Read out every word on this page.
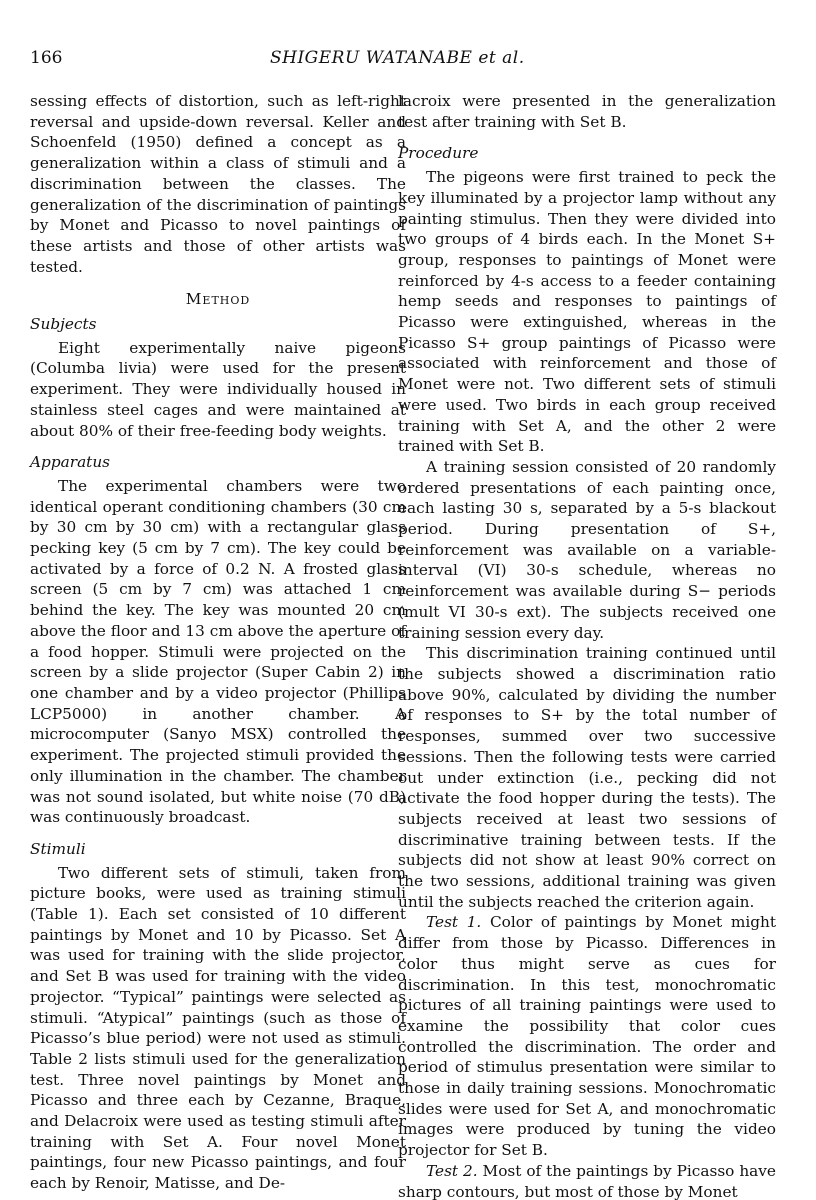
166	SHIGERU WATANABE et al.

sessing effects of distortion, such as left-right reversal and upside-down reversal. Keller and Schoenfeld (1950) defined a concept as a generalization within a class of stimuli and a discrimination between the classes. The generalization of the discrimination of paintings by Monet and Picasso to novel paintings of these artists and those of other artists was tested.

Method

Subjects

Eight experimentally naive pigeons (Columba livia) were used for the present experiment. They were individually housed in stainless steel cages and were maintained at about 80% of their free-feeding body weights.

Apparatus

The experimental chambers were two identical operant conditioning chambers (30 cm by 30 cm by 30 cm) with a rectangular glass pecking key (5 cm by 7 cm). The key could be activated by a force of 0.2 N. A frosted glass screen (5 cm by 7 cm) was attached 1 cm behind the key. The key was mounted 20 cm above the floor and 13 cm above the aperture of a food hopper. Stimuli were projected on the screen by a slide projector (Super Cabin 2) in one chamber and by a video projector (Phillips LCP5000) in another chamber. A microcomputer (Sanyo MSX) controlled the experiment. The projected stimuli provided the only illumination in the chamber. The chamber was not sound isolated, but white noise (70 dB) was continuously broadcast.

Stimuli

Two different sets of stimuli, taken from picture books, were used as training stimuli (Table 1). Each set consisted of 10 different paintings by Monet and 10 by Picasso. Set A was used for training with the slide projector, and Set B was used for training with the video projector. “Typical” paintings were selected as stimuli. “Atypical” paintings (such as those of Picasso’s blue period) were not used as stimuli. Table 2 lists stimuli used for the generalization test. Three novel paintings by Monet and Picasso and three each by Cezanne, Braque, and Delacroix were used as testing stimuli after training with Set A. Four novel Monet paintings, four new Picasso paintings, and four each by Renoir, Matisse, and De-

lacroix were presented in the generalization test after training with Set B.

Procedure

The pigeons were first trained to peck the key illuminated by a projector lamp without any painting stimulus. Then they were divided into two groups of 4 birds each. In the Monet S+ group, responses to paintings of Monet were reinforced by 4-s access to a feeder containing hemp seeds and responses to paintings of Picasso were extinguished, whereas in the Picasso S+ group paintings of Picasso were associated with reinforcement and those of Monet were not. Two different sets of stimuli were used. Two birds in each group received training with Set A, and the other 2 were trained with Set B.

A training session consisted of 20 randomly ordered presentations of each painting once, each lasting 30 s, separated by a 5-s blackout period. During presentation of S+, reinforcement was available on a variable-interval (VI) 30-s schedule, whereas no reinforcement was available during S− periods (mult VI 30-s ext). The subjects received one training session every day.

This discrimination training continued until the subjects showed a discrimination ratio above 90%, calculated by dividing the number of responses to S+ by the total number of responses, summed over two successive sessions. Then the following tests were carried out under extinction (i.e., pecking did not activate the food hopper during the tests). The subjects received at least two sessions of discriminative training between tests. If the subjects did not show at least 90% correct on the two sessions, additional training was given until the subjects reached the criterion again.

Test 1. Color of paintings by Monet might differ from those by Picasso. Differences in color thus might serve as cues for discrimination. In this test, monochromatic pictures of all training paintings were used to examine the possibility that color cues controlled the discrimination. The order and period of stimulus presentation were similar to those in daily training sessions. Monochromatic slides were used for Set A, and monochromatic images were produced by tuning the video projector for Set B.

Test 2. Most of the paintings by Picasso have sharp contours, but most of those by Monet
